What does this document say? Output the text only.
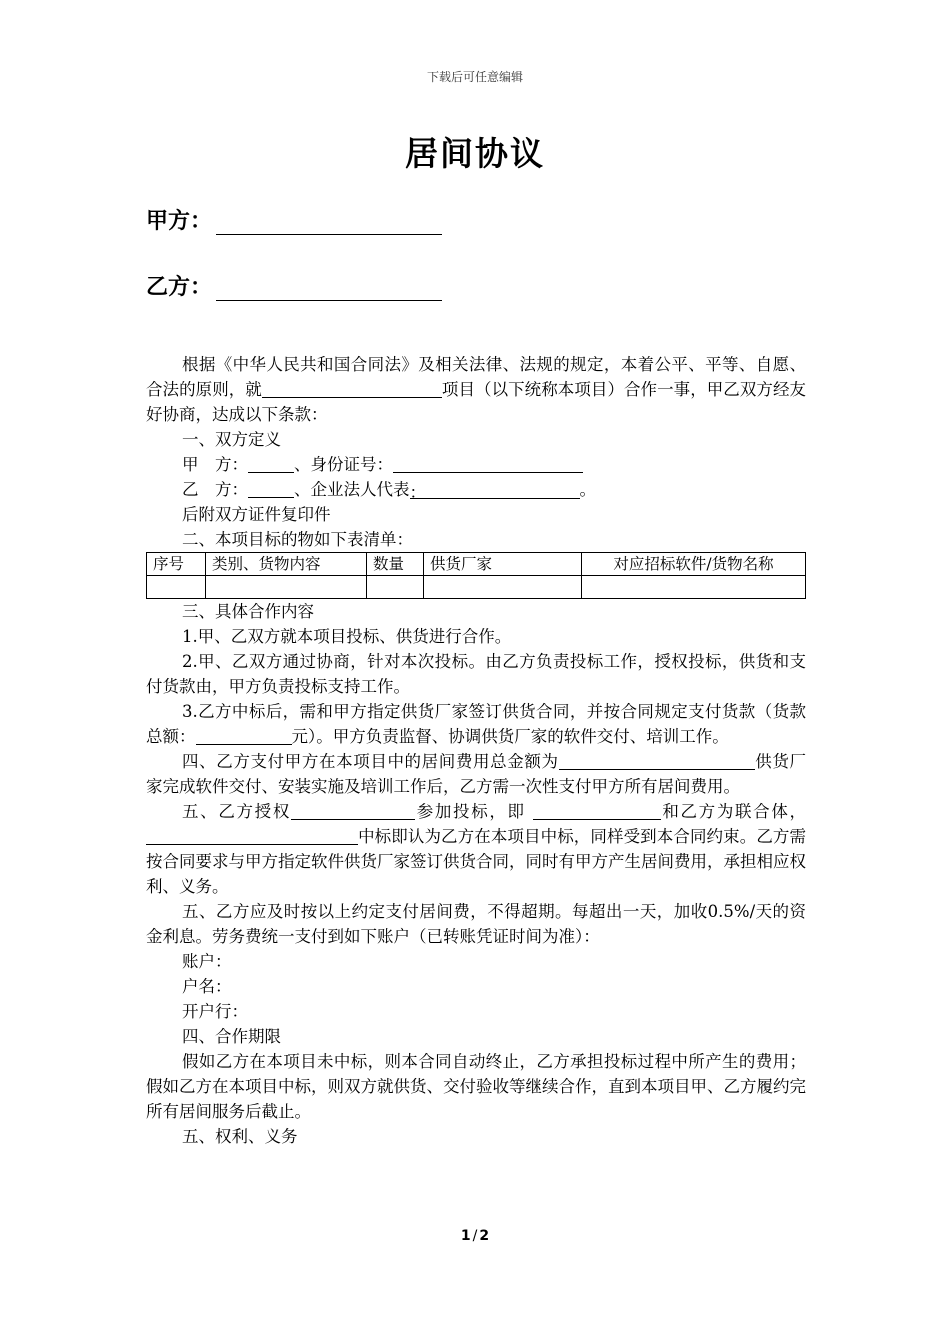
下载后可任意编辑
居间协议
甲方：
乙方：

根据《中华人民共和国合同法》及相关法律、法规的规定，本着公平、平等、自愿、合法的原则，就	项目（以下统称本项目）合作一事，甲乙双方经友好协商，达成以下条款：

一、双方定义
甲　方：	、身份证号：
乙　方：	、企业法人代表：	。
后附双方证件复印件
二、本项目标的物如下表清单：
序号	类别、货物内容	数量	供货厂家	对应招标软件/货物名称

三、具体合作内容

1.甲、乙双方就本项目投标、供货进行合作。

2.甲、乙双方通过协商，针对本次投标。由乙方负责投标工作，授权投标，供货和支付货款由，甲方负责投标支持工作。

3.乙方中标后，需和甲方指定供货厂家签订供货合同，并按合同规定支付货款（货款总额：	元）。甲方负责监督、协调供货厂家的软件交付、培训工作。

四、乙方支付甲方在本项目中的居间费用总金额为	供货厂家完成软件交付、安装实施及培训工作后，乙方需一次性支付甲方所有居间费用。

五、乙方授权	参加投标，即	和乙方为联合体，中标即认为乙方在本项目中标，同样受到本合同约束。乙方需按合同要求与甲方指定软件供货厂家签订供货合同，同时有甲方产生居间费用，承担相应权利、义务。

五、乙方应及时按以上约定支付居间费，不得超期。每超出一天，加收0.5%/天的资金利息。劳务费统一支付到如下账户（已转账凭证时间为准）：

账户：
户名：
开户行：
四、合作期限

假如乙方在本项目未中标，则本合同自动终止，乙方承担投标过程中所产生的费用；假如乙方在本项目中标，则双方就供货、交付验收等继续合作，直到本项目甲、乙方履约完所有居间服务后截止。

五、权利、义务
1 / 2
